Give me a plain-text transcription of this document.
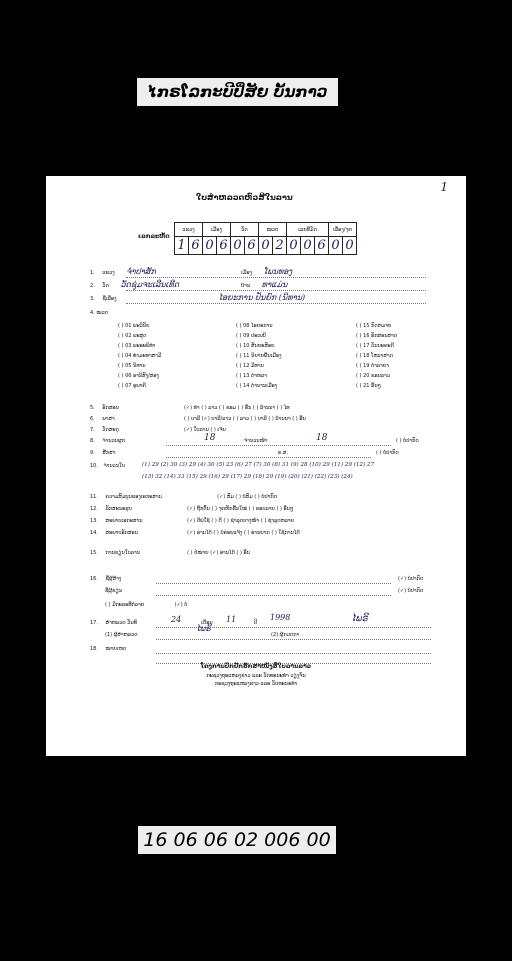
ໄກຣໂລກະບີປິ່ສັຍ ບັ້ນກາວ
ໃບສຳຫລວດຫົວສີໃນລານ
1
ເລກລະຫັດ
ແຂວງ		ເມືອງ		ວັດ		ໝວດ		ເລກທີ່ມັດ			ເລື່ອງ/ຈຸດ	
1	6	0	6	0	6	0	2	0	0	6	0	0
1. ແຂວງ ຈຳປາສັກ	ເມືອງ ໂພນທອງ
2. ວັດ ວັດຊຸ່ມຈະເລີນເທີດ	ບ້ານ ທາແມ່ນ
3. ຊື່ເລື່ອງ	ໄອຍະການ ປັນຍົກ (ນິທານ)
4. ໝວດ
( ) 01 ພະວິນັຍ
( ) 02 ພະສູດ
( ) 03 ພະອະພິທຳ
( ) 04 ທຳມະທາສາມີ
( ) 05 ນິທານ
( ) 06 ອານິສົງ/ສອງ
( ) 07 ອຸພາຄີ
( ) 08 ໄອຍະການ
( ) 09 ປະເພນີ
( ) 10 ສັນຍະສ໌ອຍ
( ) 11 ນິຍາຍພື້ນເມືອງ
( ) 12 ມີທານ
( ) 13 ຕຳຫລາ
( ) 14 ຕຳນານເມືອງ
( ) 15 ກົດຫມາຍ
( ) 16 ອັກສອນສາດ
( ) 17 ວັນນະຄະດີ
( ) 18 ໂຫລາສາດ
( ) 19 ຕຳລາຍາ
( ) 20 ຂອນລາວ
( ) 21 ອື່ນໆ
5. ອັກສອນ	(✓) ທຳ ( ) ລາວ ( ) ຂອມ ( ) ອື່ນ ( ) ລ້ານນາ ( ) ໄທ
6. ພາສາ	( ) ບາລີ (✓) ບາລີ/ລາວ ( ) ລາວ ( ) ບາລີ ( ) ລ້ານນາ ( ) ອື່ນ
7. ວັດສະດຸ	(✓) ໃບລານ ( ) ເຈ້ຍ
8. ຈຳນວນຜູກ	18	ຈຳນວນໜ້າ	18	( ) ບໍ່ປາກົດ
9. ສືກສາ	ຄ.ສ.	( ) ບໍ່ປາກົດ
10. ຈຳນວນໃບ	(1) 29 (2) 30 (3) 29 (4) 30 (5) 23 (6) 27 (7) 30 (8) 31 (9) 28 (10) 29 (11) 29 (12) 27
(13) 32 (14) 33 (15) 29 (16) 29 (17) 29 (18) 29 (19) (20) (21) (22) (23) (24)
11. ຄວາມສົມບູນຂອງເອກະສານ	(✓) ສົມ ( ) ບໍ່ສົມ ( ) ບໍ່ປາກົດ
12. ລັກສະນະຮູບ	(✓) ຖືກຕົ້ນ ( ) ຈຸດຫັກຂື້ນໃໝ່ ( ) ຂອບລາຍ ( ) ອື່ນໆ
13. ສະພາບເອກະສານ	(✓) ດີພໍໃຊ້ ( ) ດີ ( ) ຊຳລຸດບາງໜ້າ ( ) ຊຳລຸດຫລາຍ
14. ສະພາບອັກສອນ	(✓) ອ່ານໄດ້ ( ) ບໍ່ຄ່ອຍແຈ້ງ ( ) ອ່ານຍາກ ( ) ໃຊ້ການໄດ້
15. ການຂຽນໃບລານ	( ) ປໍ່ໜ່າຍ (✓) ອ່ານໄດ້ ( ) ອື່ນ
16. ຊື່ຜູ້ສ້າງ	(✓) ບໍ່ປາກົດ
ຊື່ຜູ້ຂຽນ	(✓) ບໍ່ປາກົດ
( ) ມີຕະລະທີ່ຕໍ່ລາຍ	(✓) ບໍ່
17. ສຳຫລວດ ວັນທີ	24	ເດືອນ 11	ປີ
1998	ໄພຣິ
ໄພຣິ
(1) ຜູ້ສຳຫລວດ	(2) ຜູ້ກວດກາ
18. ໝາຍເຫດ
ໂຄງການປົກປັກຮັກສາໜັງສືໃບລານລາວ
ກະຊວງຖະແຫລງຂ່າວ ແລະ ວັດທະນະທຳ ວຽງຈັນ
ກະຊວງຖະແຫລງຂ່າວ ແລະ ວັດທະນະທຳ
16 06 06 02 006 00
